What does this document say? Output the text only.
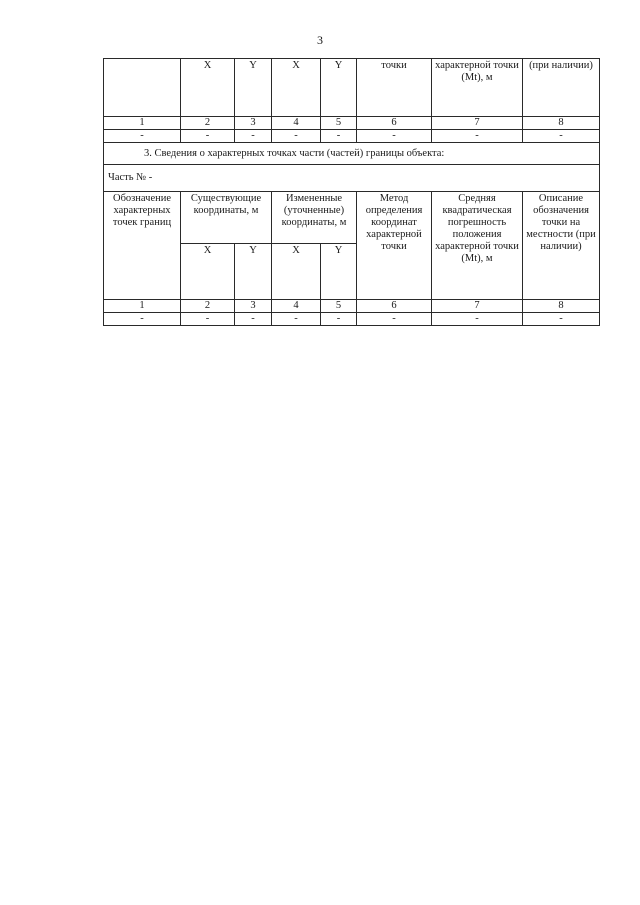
3
	X	Y	X	Y	точки	характерной точки (Mt), м	(при наличии)
1	2	3	4	5	6	7	8
-	-	-	-	-	-	-	-
3. Сведения о характерных точках части (частей) границы объекта:							
Часть № -							
Обозначение характерных точек границ	Существующие координаты, м		Измененные (уточненные) координаты, м		Метод определения координат характерной точки	Средняя квадратическая погрешность положения характерной точки (Mt), м	Описание обозначения точки на местности (при наличии)
	X	Y	X	Y			
1	2	3	4	5	6	7	8
-	-	-	-	-	-	-	-
